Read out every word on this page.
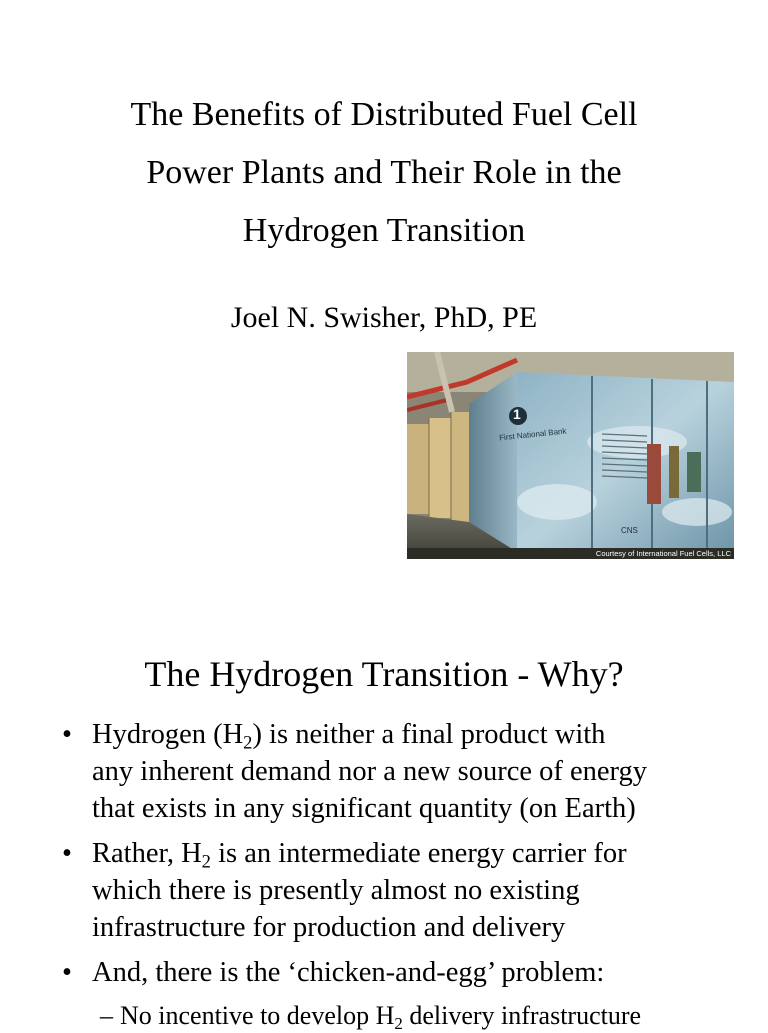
The Benefits of Distributed Fuel Cell
Power Plants and Their Role in the
Hydrogen Transition
Joel N. Swisher, PhD, PE
1
First National Bank
CNS
Courtesy of International Fuel Cells, LLC
The Hydrogen Transition - Why?
• Hydrogen $(H_2)$ is neither a final product with
any inherent demand nor a new source of energy
that exists in any significant quantity (on Earth)
• Rather, $H_2$ is an intermediate energy carrier for
which there is presently almost no existing
infrastructure for production and delivery
• And, there is the ‘chicken-and-egg’ problem:
– No incentive to develop $H_2$ delivery infrastructure
